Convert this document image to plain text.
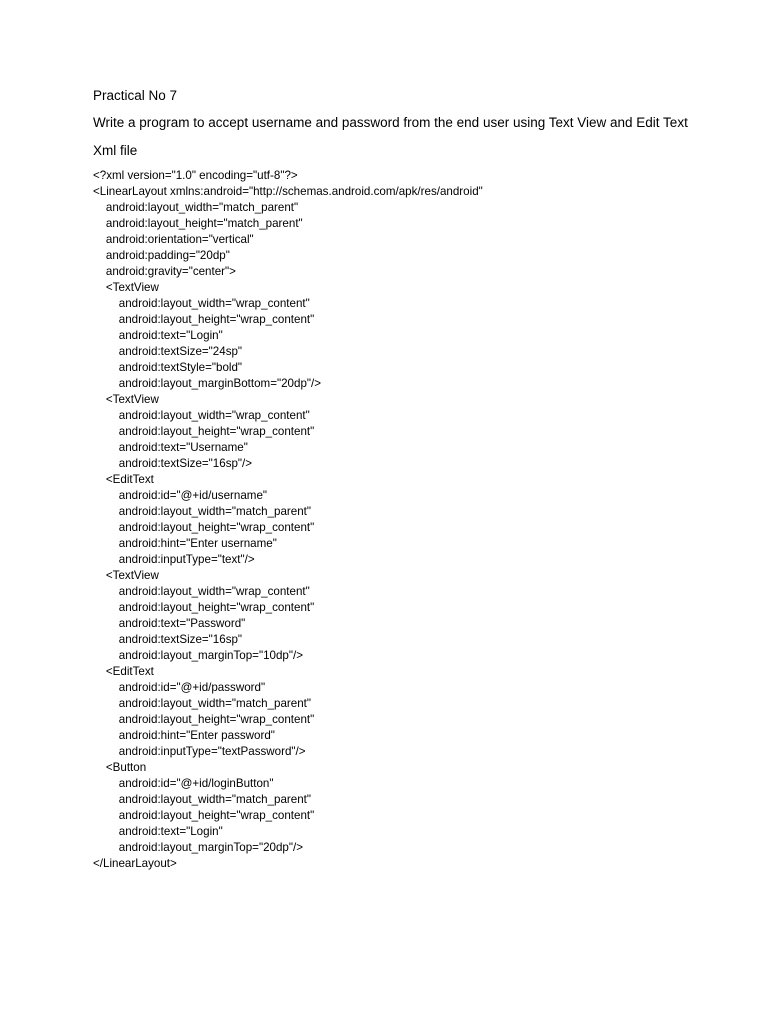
Practical No 7
Write a program to accept username and password from the end user using Text View and Edit Text
Xml file
<?xml version="1.0" encoding="utf-8"?>
<LinearLayout xmlns:android="http://schemas.android.com/apk/res/android"
android:layout_width="match_parent"
android:layout_height="match_parent"
android:orientation="vertical"
android:padding="20dp"
android:gravity="center">
<TextView
android:layout_width="wrap_content"
android:layout_height="wrap_content"
android:text="Login"
android:textSize="24sp"
android:textStyle="bold"
android:layout_marginBottom="20dp"/>
<TextView
android:layout_width="wrap_content"
android:layout_height="wrap_content"
android:text="Username"
android:textSize="16sp"/>
<EditText
android:id="@+id/username"
android:layout_width="match_parent"
android:layout_height="wrap_content"
android:hint="Enter username"
android:inputType="text"/>
<TextView
android:layout_width="wrap_content"
android:layout_height="wrap_content"
android:text="Password"
android:textSize="16sp"
android:layout_marginTop="10dp"/>
<EditText
android:id="@+id/password"
android:layout_width="match_parent"
android:layout_height="wrap_content"
android:hint="Enter password"
android:inputType="textPassword"/>
<Button
android:id="@+id/loginButton"
android:layout_width="match_parent"
android:layout_height="wrap_content"
android:text="Login"
android:layout_marginTop="20dp"/>
</LinearLayout>
